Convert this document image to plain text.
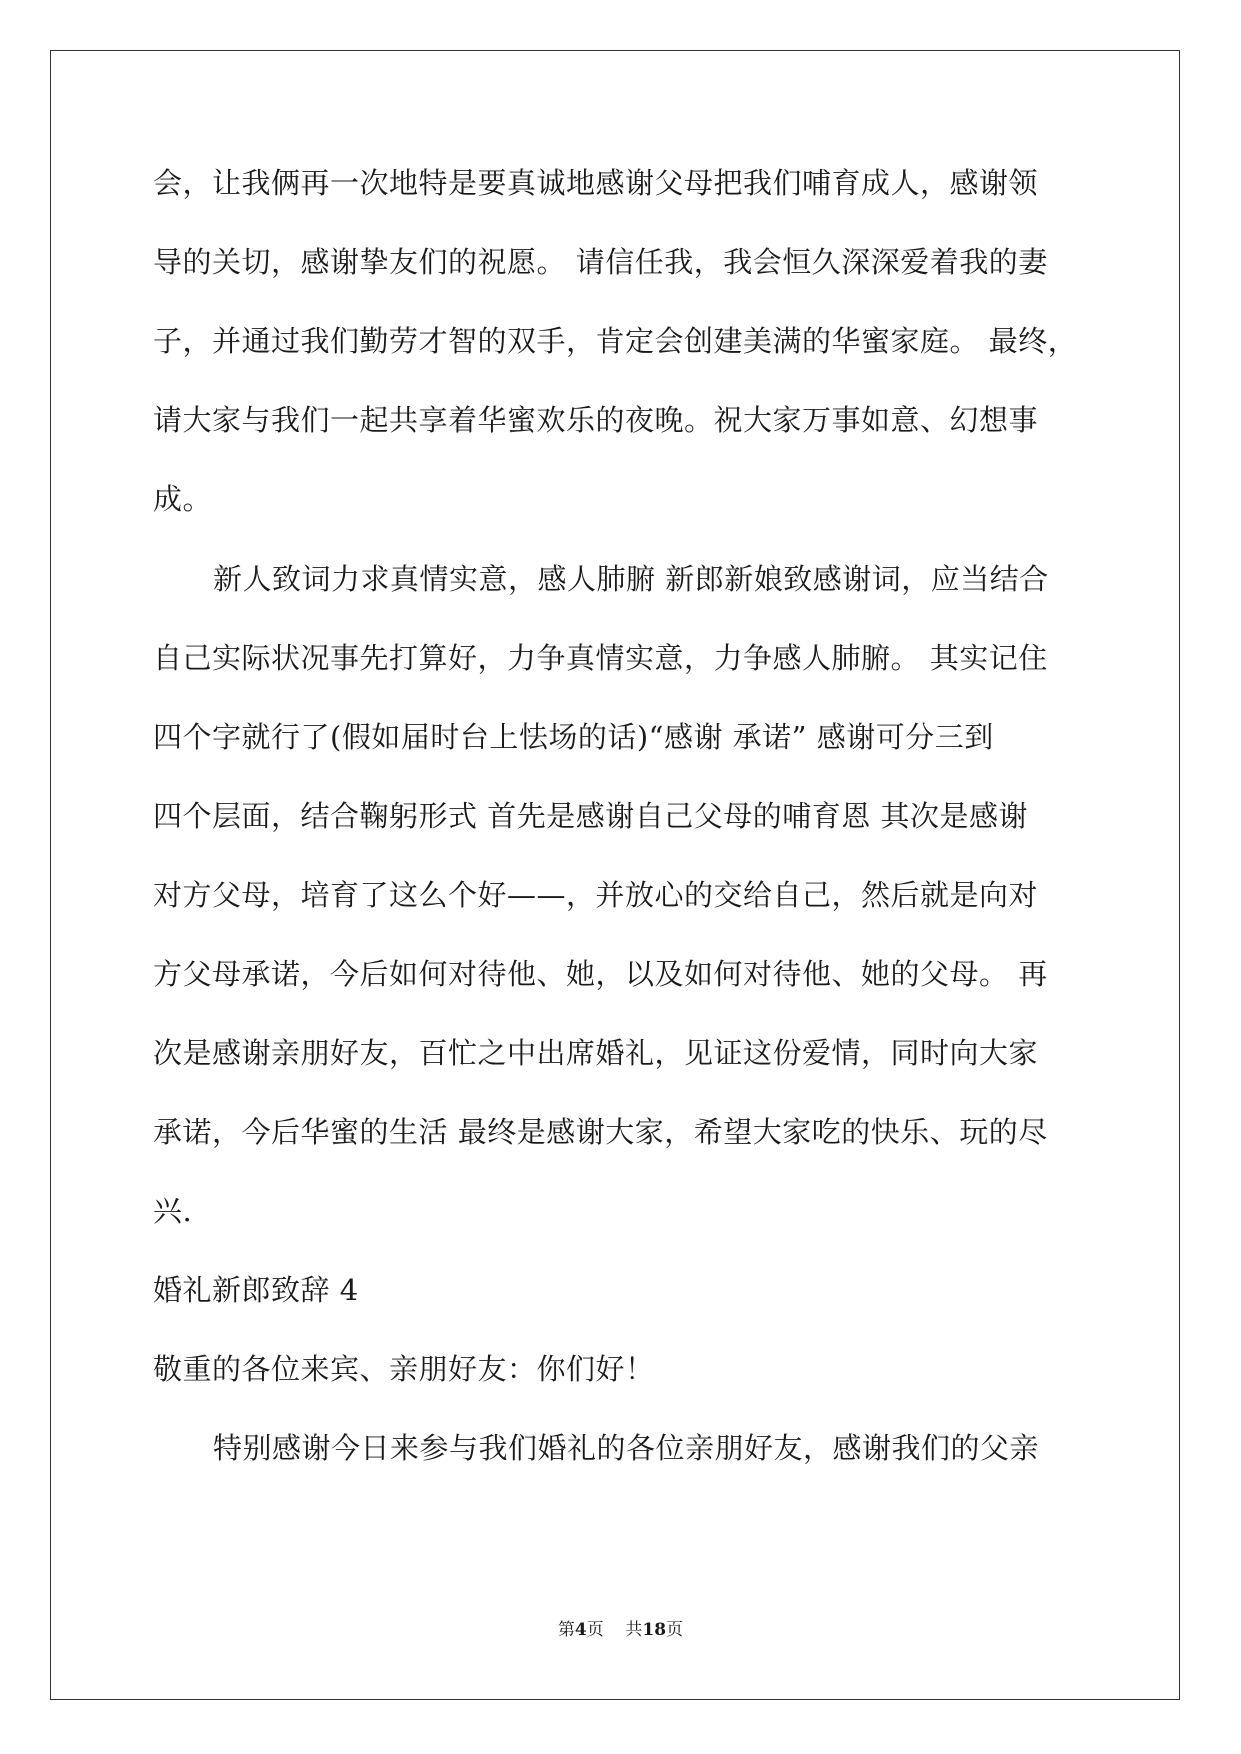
会，让我俩再一次地特是要真诚地感谢父母把我们哺育成人，感谢领
导的关切，感谢挚友们的祝愿。 请信任我，我会恒久深深爱着我的妻
子，并通过我们勤劳才智的双手，肯定会创建美满的华蜜家庭。 最终，
请大家与我们一起共享着华蜜欢乐的夜晚。祝大家万事如意、幻想事
成。
新人致词力求真情实意，感人肺腑 新郎新娘致感谢词，应当结合
自己实际状况事先打算好，力争真情实意，力争感人肺腑。 其实记住
四个字就行了(假如届时台上怯场的话)“感谢 承诺” 感谢可分三到
四个层面，结合鞠躬形式 首先是感谢自己父母的哺育恩 其次是感谢
对方父母，培育了这么个好——，并放心的交给自己，然后就是向对
方父母承诺，今后如何对待他、她，以及如何对待他、她的父母。 再
次是感谢亲朋好友，百忙之中出席婚礼，见证这份爱情，同时向大家
承诺，今后华蜜的生活 最终是感谢大家，希望大家吃的快乐、玩的尽
兴.
婚礼新郎致辞 4
敬重的各位来宾、亲朋好友：你们好！
特别感谢今日来参与我们婚礼的各位亲朋好友，感谢我们的父亲
第4页 共18页
